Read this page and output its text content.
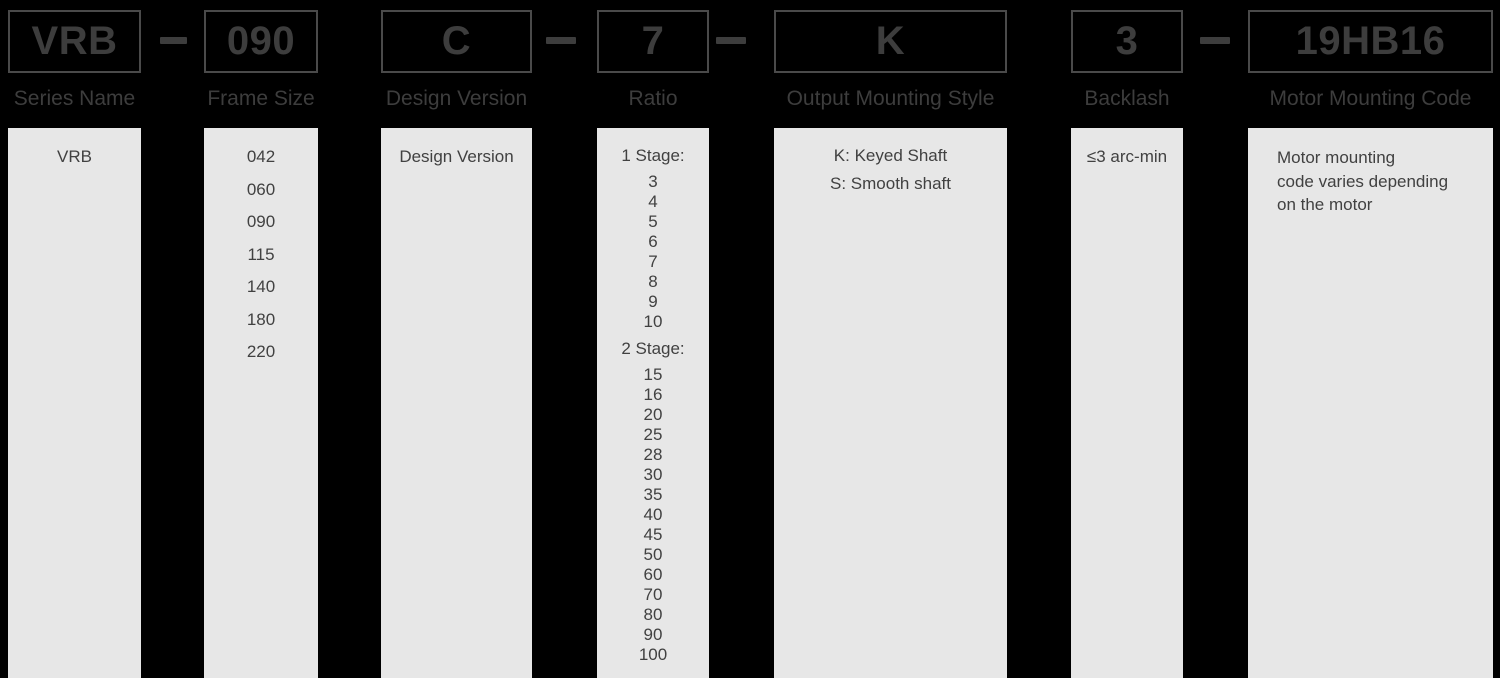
VRB
Series Name
VRB
090
Frame Size
042
060
090
115
140
180
220
C
Design Version
Design Version
7
Ratio
1 Stage:
3
4
5
6
7
8
9
10
2 Stage:
15
16
20
25
28
30
35
40
45
50
60
70
80
90
100
K
Output Mounting Style
K: Keyed Shaft
S: Smooth shaft
3
Backlash
≤3 arc-min
19HB16
Motor Mounting Code
Motor mounting
code varies depending
on the motor
